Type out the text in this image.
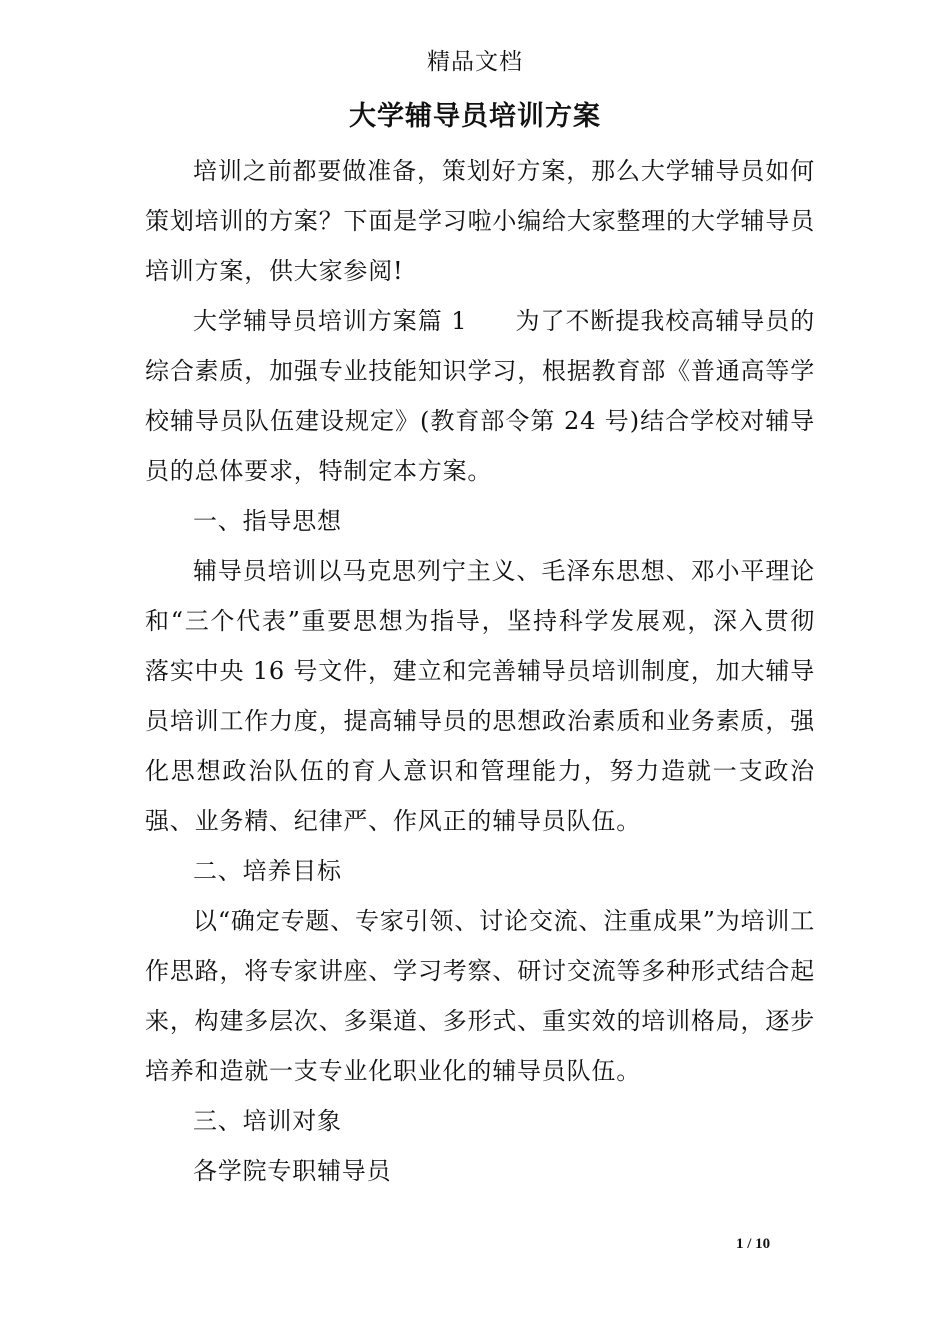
精品文档
大学辅导员培训方案

培训之前都要做准备，策划好方案，那么大学辅导员如何策划培训的方案？下面是学习啦小编给大家整理的大学辅导员培训方案，供大家参阅!

大学辅导员培训方案篇 1 为了不断提我校高辅导员的综合素质，加强专业技能知识学习，根据教育部《普通高等学校辅导员队伍建设规定》(教育部令第 24 号)结合学校对辅导员的总体要求，特制定本方案。

一、指导思想

辅导员培训以马克思列宁主义、毛泽东思想、邓小平理论和“三个代表”重要思想为指导，坚持科学发展观，深入贯彻落实中央 16 号文件，建立和完善辅导员培训制度，加大辅导员培训工作力度，提高辅导员的思想政治素质和业务素质，强化思想政治队伍的育人意识和管理能力，努力造就一支政治强、业务精、纪律严、作风正的辅导员队伍。

二、培养目标

以“确定专题、专家引领、讨论交流、注重成果”为培训工作思路，将专家讲座、学习考察、研讨交流等多种形式结合起来，构建多层次、多渠道、多形式、重实效的培训格局，逐步培养和造就一支专业化职业化的辅导员队伍。

三、培训对象

各学院专职辅导员

1 / 10
